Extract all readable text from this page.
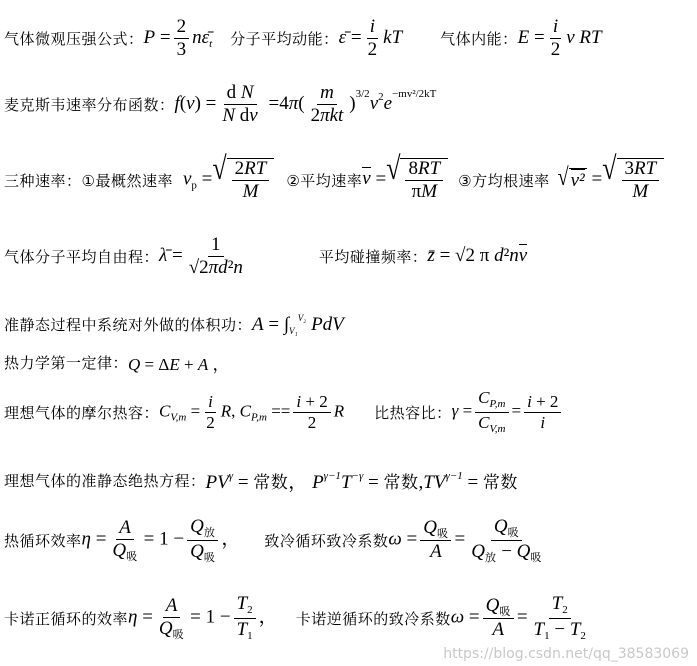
气体微观压强公式： $P = \frac{2}{3}$ $n\varepsilon̄_t$ 分子平均动能： ε̄ = $\frac{i}{2}$ kT	气体内能： $E = \frac{i}{2}$ ν RT
麦克斯韦速率分布函数： $f(v) = \frac{\text{d N}}{\text{N dv}} =4\pi( \frac{m}{\text{2πkt}} )^{3/2}v^2e^{-mv^2/2kT}$
三种速率： ①最概然速率 $v_p$ = √ $\frac{2RT}{M}$ ②平均速率 v = √ $\frac{8RT}{\pi M}$ ③方均根速率 √ v² = √ $\frac{3RT}{M}$
气体分子平均自由程： λ̄ = $\frac{1}{\text{√2πd²n}}$	平均碰撞频率： z̄ = √2 π d²nv
准静态过程中系统对外做的体积功： $A = \int_{V_1}^{V_2}$ PdV
热力学第一定律： Q = ΔE + A ，
理想气体的摩尔热容： $C_{V,m} = \frac{i}{2} R$, $C_{P,m} == \frac{i + 2}{2}$ R 比热容比： $\gamma = \frac{C_{P,m}}{C_{V,m}} = \frac{i + 2}{i}$
理想气体的准静态绝热方程： $PV^\gamma$ = 常数， $P^{\gamma-1}T^{-\gamma}$ = 常数$,TV^{\gamma-1}$ = 常数
热循环效率 $\eta = \frac{A}{Q_吸} = 1 - \frac{Q_放}{Q_吸}$ ， 致冷循环致冷系数 $\omega = \frac{Q_吸}{A} = \frac{Q_吸}{Q_放 - Q_吸}$
卡诺正循环的效率 $\eta = \frac{A}{Q_吸} = 1 - \frac{T_2}{T_1}$ ， 卡诺逆循环的致冷系数 $\omega = \frac{Q_吸}{A} = \frac{T_2}{T_1 - T_2}$
https://blog.csdn.net/qq_38583069
